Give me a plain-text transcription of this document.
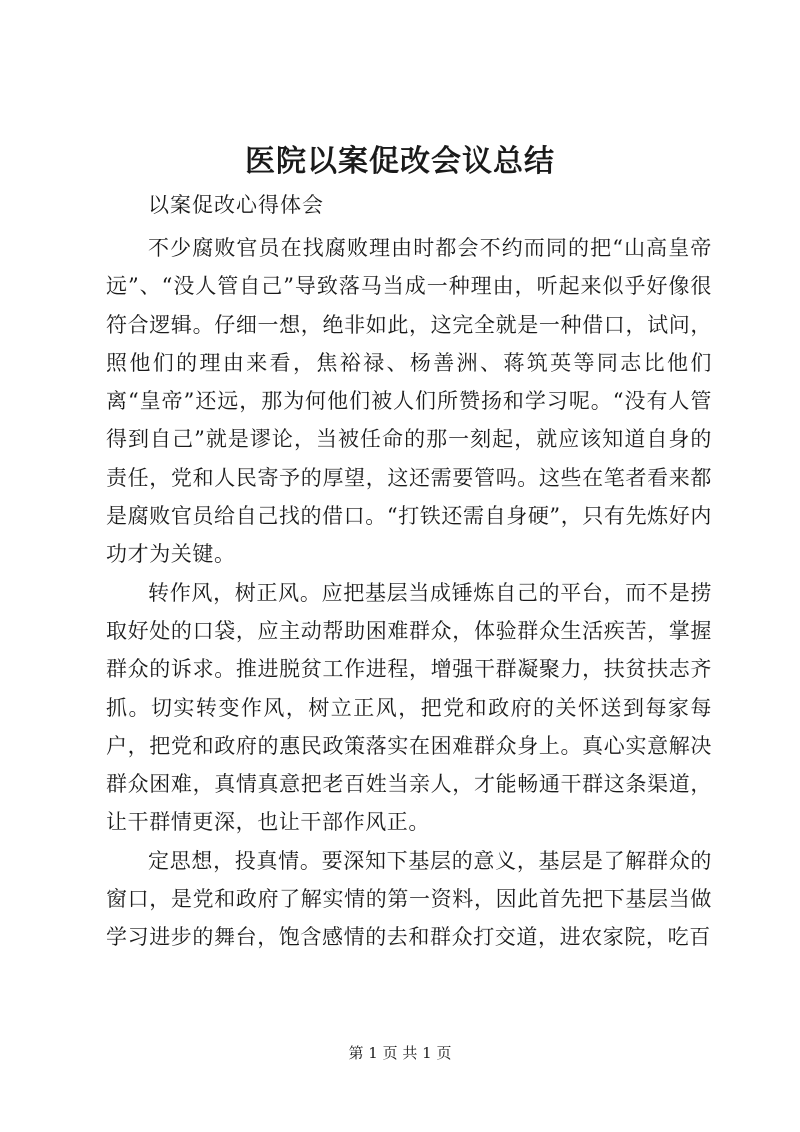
医院以案促改会议总结
以案促改心得体会

不少腐败官员在找腐败理由时都会不约而同的把“山高皇帝远”、“没人管自己”导致落马当成一种理由，听起来似乎好像很符合逻辑。仔细一想，绝非如此，这完全就是一种借口，试问，照他们的理由来看，焦裕禄、杨善洲、蒋筑英等同志比他们离“皇帝”还远，那为何他们被人们所赞扬和学习呢。“没有人管得到自己”就是谬论，当被任命的那一刻起，就应该知道自身的责任，党和人民寄予的厚望，这还需要管吗。这些在笔者看来都是腐败官员给自己找的借口。“打铁还需自身硬”，只有先炼好内功才为关键。

转作风，树正风。应把基层当成锤炼自己的平台，而不是捞取好处的口袋，应主动帮助困难群众，体验群众生活疾苦，掌握群众的诉求。推进脱贫工作进程，增强干群凝聚力，扶贫扶志齐抓。切实转变作风，树立正风，把党和政府的关怀送到每家每户，把党和政府的惠民政策落实在困难群众身上。真心实意解决群众困难，真情真意把老百姓当亲人，才能畅通干群这条渠道，让干群情更深，也让干部作风正。

定思想，投真情。要深知下基层的意义，基层是了解群众的窗口，是党和政府了解实情的第一资料，因此首先把下基层当做学习进步的舞台，饱含感情的去和群众打交道，进农家院，吃百

第 1 页 共 1 页
